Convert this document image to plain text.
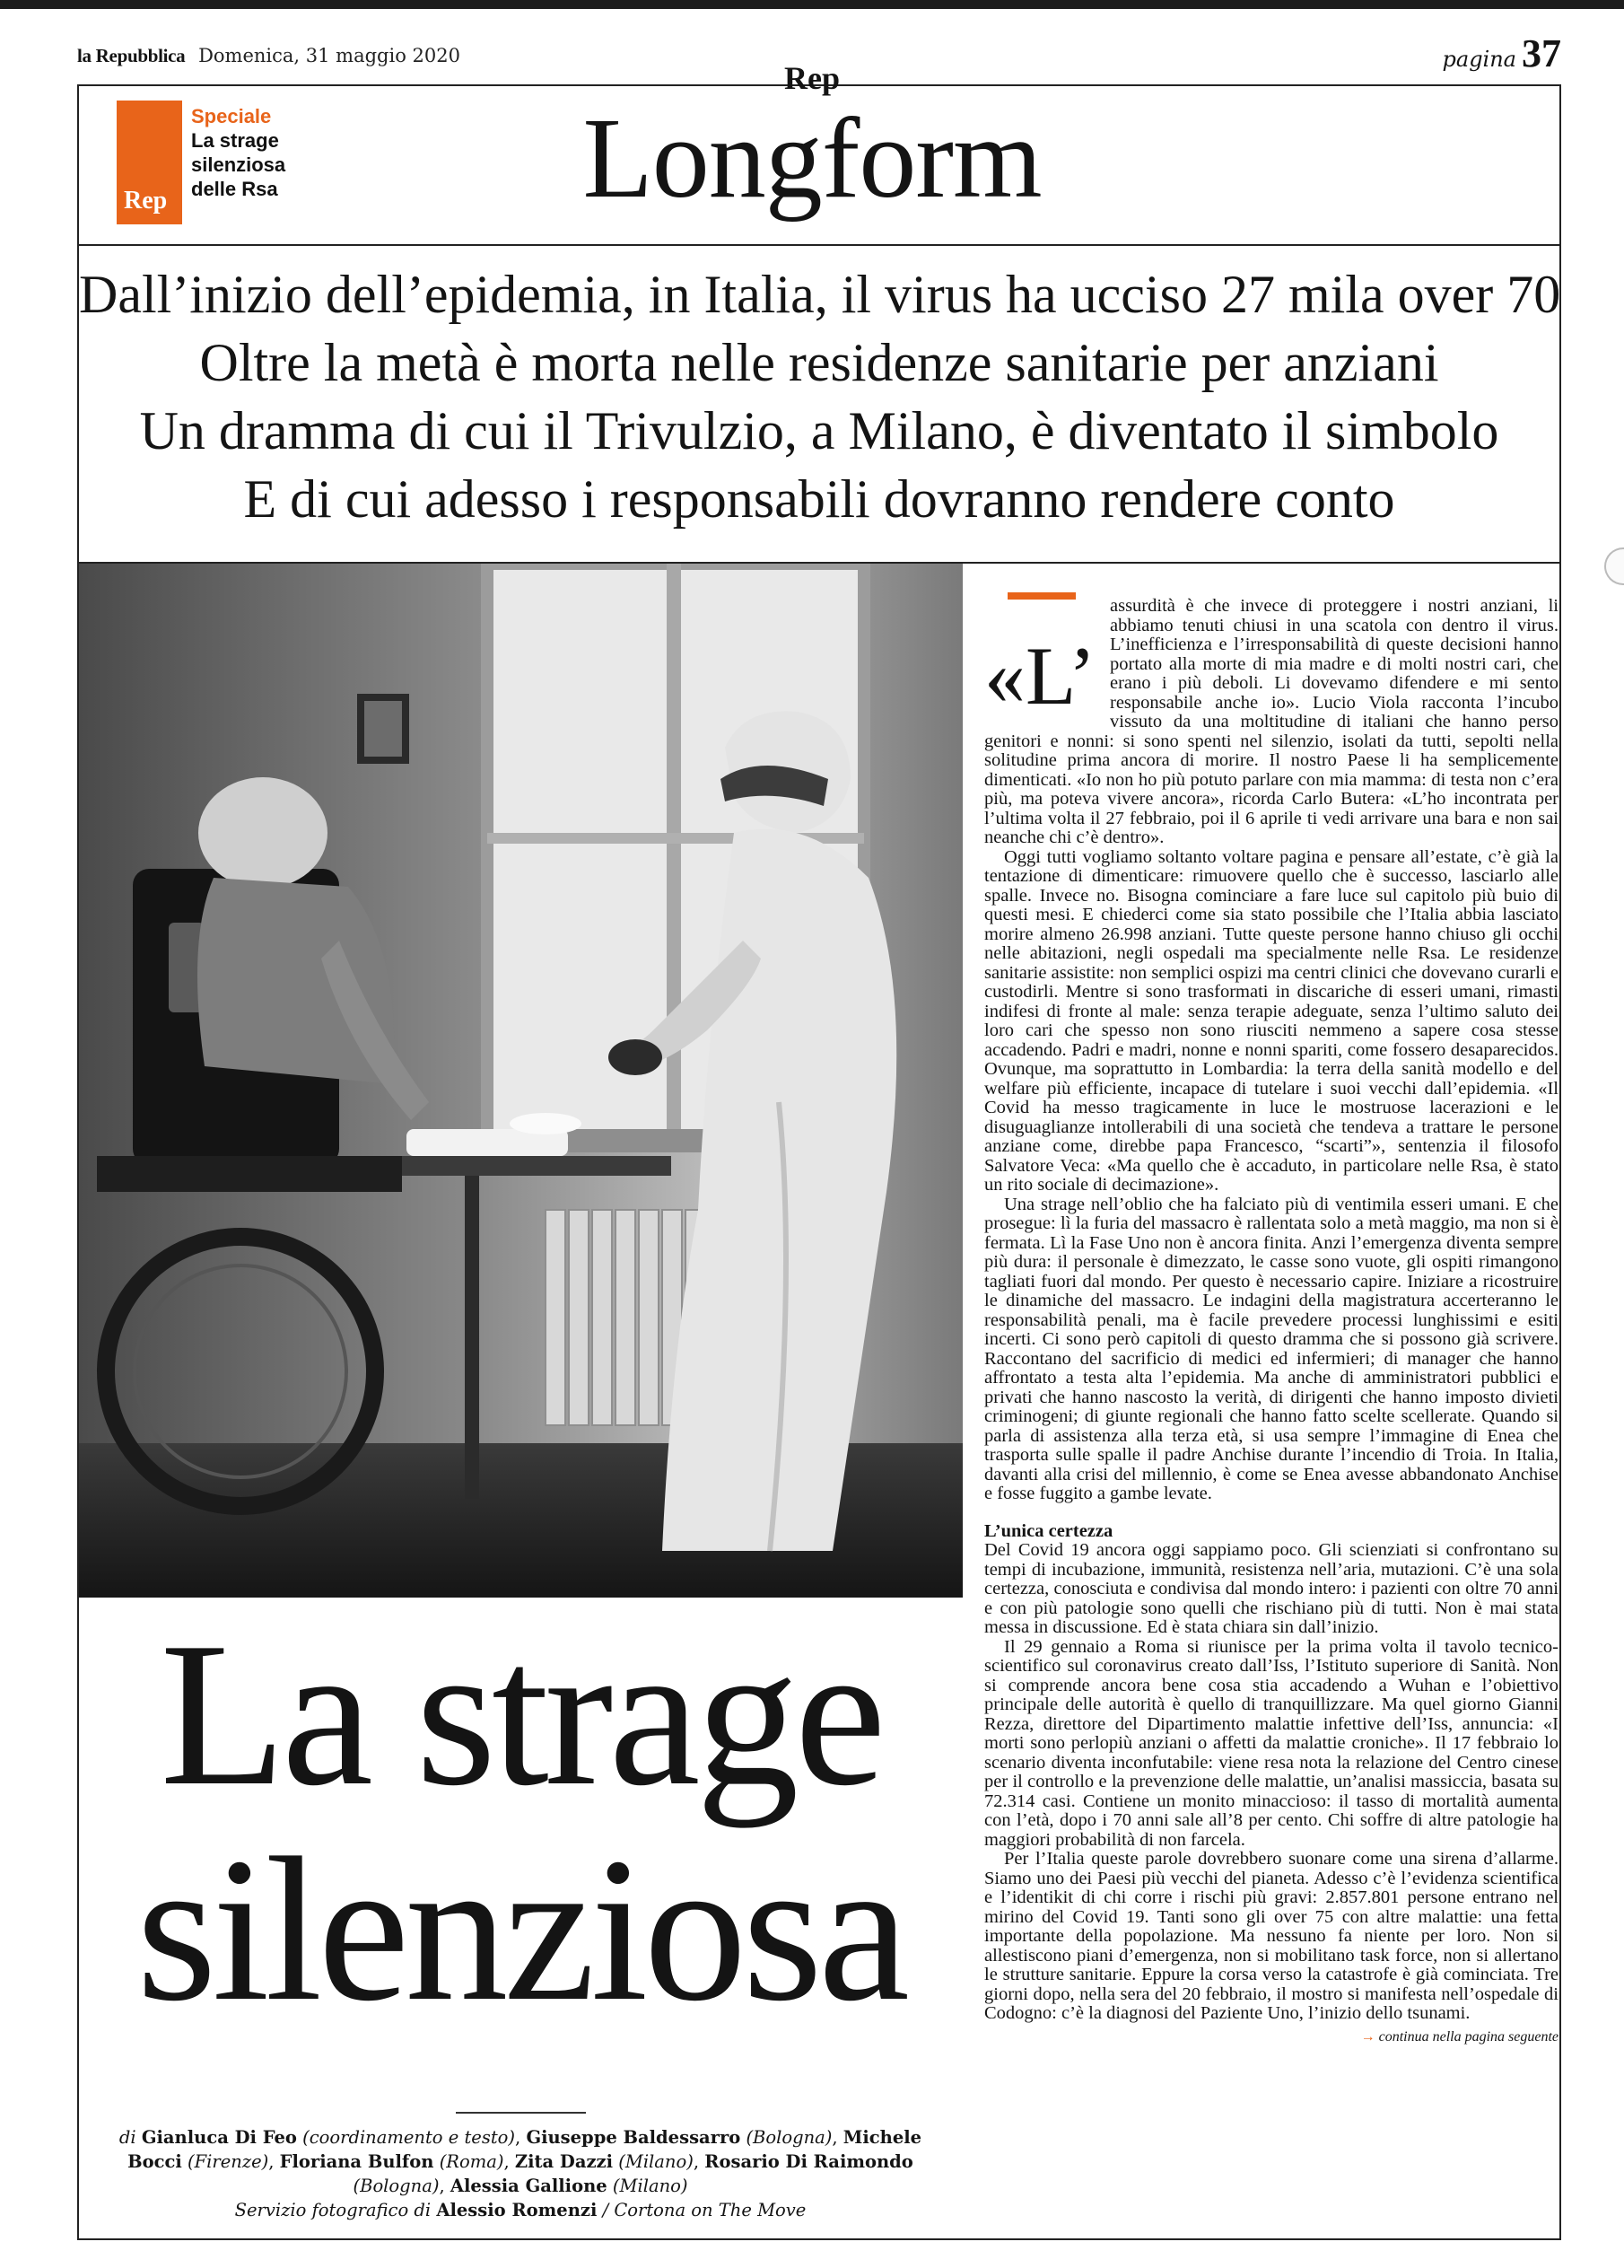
la Repubblica Domenica, 31 maggio 2020	pagina 37
Rep
Speciale
La strage
silenziosa
delle Rsa
Rep
Longform
Dall’inizio dell’epidemia, in Italia, il virus ha ucciso 27 mila over 70
Oltre la metà è morta nelle residenze sanitarie per anziani
Un dramma di cui il Trivulzio, a Milano, è diventato il simbolo
E di cui adesso i responsabili dovranno rendere conto
La strage
silenziosa
di Gianluca Di Feo (coordinamento e testo), Giuseppe Baldessarro (Bologna), Michele Bocci (Firenze), Floriana Bulfon (Roma), Zita Dazzi (Milano), Rosario Di Raimondo (Bologna), Alessia Gallione (Milano)
Servizio fotografico di Alessio Romenzi / Cortona on The Move
«L’

assurdità è che invece di proteggere i nostri anziani, li abbiamo tenuti chiusi in una scatola con dentro il virus. L’inefficienza e l’irresponsabilità di queste decisioni hanno portato alla morte di mia madre e di molti nostri cari, che erano i più deboli. Li dovevamo difendere e mi sento responsabile anche io». Lucio Viola racconta l’incubo vissuto da una moltitudine di italiani che hanno perso genitori e nonni: si sono spenti nel silenzio, isolati da tutti, sepolti nella solitudine prima ancora di morire. Il nostro Paese li ha semplicemente dimenticati. «Io non ho più potuto parlare con mia mamma: di testa non c’era più, ma poteva vivere ancora», ricorda Carlo Butera: «L’ho incontrata per l’ultima volta il 27 febbraio, poi il 6 aprile ti vedi arrivare una bara e non sai neanche chi c’è dentro».

Oggi tutti vogliamo soltanto voltare pagina e pensare all’estate, c’è già la tentazione di dimenticare: rimuovere quello che è successo, lasciarlo alle spalle. Invece no. Bisogna cominciare a fare luce sul capitolo più buio di questi mesi. E chiederci come sia stato possibile che l’Italia abbia lasciato morire almeno 26.998 anziani. Tutte queste persone hanno chiuso gli occhi nelle abitazioni, negli ospedali ma specialmente nelle Rsa. Le residenze sanitarie assistite: non semplici ospizi ma centri clinici che dovevano curarli e custodirli. Mentre si sono trasformati in discariche di esseri umani, rimasti indifesi di fronte al male: senza terapie adeguate, senza l’ultimo saluto dei loro cari che spesso non sono riusciti nemmeno a sapere cosa stesse accadendo. Padri e madri, nonne e nonni spariti, come fossero desaparecidos. Ovunque, ma soprattutto in Lombardia: la terra della sanità modello e del welfare più efficiente, incapace di tutelare i suoi vecchi dall’epidemia. «Il Covid ha messo tragicamente in luce le mostruose lacerazioni e le disuguaglianze intollerabili di una società che tendeva a trattare le persone anziane come, direbbe papa Francesco, “scarti”», sentenzia il filosofo Salvatore Veca: «Ma quello che è accaduto, in particolare nelle Rsa, è stato un rito sociale di decimazione».

Una strage nell’oblio che ha falciato più di ventimila esseri umani. E che prosegue: lì la furia del massacro è rallentata solo a metà maggio, ma non si è fermata. Lì la Fase Uno non è ancora finita. Anzi l’emergenza diventa sempre più dura: il personale è dimezzato, le casse sono vuote, gli ospiti rimangono tagliati fuori dal mondo. Per questo è necessario capire. Iniziare a ricostruire le dinamiche del massacro. Le indagini della magistratura accerteranno le responsabilità penali, ma è facile prevedere processi lunghissimi e esiti incerti. Ci sono però capitoli di questo dramma che si possono già scrivere. Raccontano del sacrificio di medici ed infermieri; di manager che hanno affrontato a testa alta l’epidemia. Ma anche di amministratori pubblici e privati che hanno nascosto la verità, di dirigenti che hanno imposto divieti criminogeni; di giunte regionali che hanno fatto scelte scellerate. Quando si parla di assistenza alla terza età, si usa sempre l’immagine di Enea che trasporta sulle spalle il padre Anchise durante l’incendio di Troia. In Italia, davanti alla crisi del millennio, è come se Enea avesse abbandonato Anchise e fosse fuggito a gambe levate.

L’unica certezza

Del Covid 19 ancora oggi sappiamo poco. Gli scienziati si confrontano su tempi di incubazione, immunità, resistenza nell’aria, mutazioni. C’è una sola certezza, conosciuta e condivisa dal mondo intero: i pazienti con oltre 70 anni e con più patologie sono quelli che rischiano più di tutti. Non è mai stata messa in discussione. Ed è stata chiara sin dall’inizio.

Il 29 gennaio a Roma si riunisce per la prima volta il tavolo tecnico-scientifico sul coronavirus creato dall’Iss, l’Istituto superiore di Sanità. Non si comprende ancora bene cosa stia accadendo a Wuhan e l’obiettivo principale delle autorità è quello di tranquillizzare. Ma quel giorno Gianni Rezza, direttore del Dipartimento malattie infettive dell’Iss, annuncia: «I morti sono perlopiù anziani o affetti da malattie croniche». Il 17 febbraio lo scenario diventa inconfutabile: viene resa nota la relazione del Centro cinese per il controllo e la prevenzione delle malattie, un’analisi massiccia, basata su 72.314 casi. Contiene un monito minaccioso: il tasso di mortalità aumenta con l’età, dopo i 70 anni sale all’8 per cento. Chi soffre di altre patologie ha maggiori probabilità di non farcela.

Per l’Italia queste parole dovrebbero suonare come una sirena d’allarme. Siamo uno dei Paesi più vecchi del pianeta. Adesso c’è l’evidenza scientifica e l’identikit di chi corre i rischi più gravi: 2.857.801 persone entrano nel mirino del Covid 19. Tanti sono gli over 75 con altre malattie: una fetta importante della popolazione. Ma nessuno fa niente per loro. Non si allestiscono piani d’emergenza, non si mobilitano task force, non si allertano le strutture sanitarie. Eppure la corsa verso la catastrofe è già cominciata. Tre giorni dopo, nella sera del 20 febbraio, il mostro si manifesta nell’ospedale di Codogno: c’è la diagnosi del Paziente Uno, l’inizio dello tsunami.

→ continua nella pagina seguente
